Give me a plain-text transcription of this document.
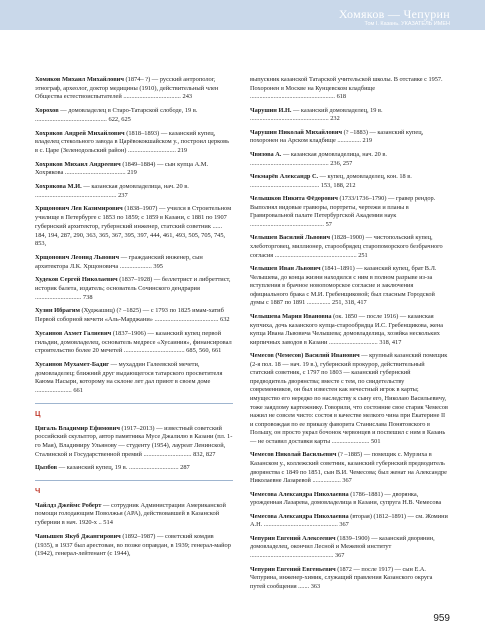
Хомяков — Чепурин
Том I. Казань. УКАЗАТЕЛЬ ИМЕН

Хомяков Михаил Михайлович (1874– ?) — русский антрополог, этнограф, археолог, доктор медицины (1910), действительный член Общества естествоиспытателей .................................... 243

Хорохов — домовладелец в Старо-Татарской слободе, 19 в. ............................................. 622, 625

Хохряков Андрей Михайлович (1818–1893) — казанский купец, владелец стекольного завода в Царёвококшайском у., построил церковь в с. Царе (Зеленодольский район) .............................. 219

Хохряков Михаил Андреевич (1849–1884) — сын купца А.М. Хохрякова ...................................... 219

Хохрякова М.И. — казанская домовладелица, нач. 20 в. ................................................... 237

Хрщонович Лев Казимирович (1838–1907) — учился в Строительном училище в Петербурге с 1853 по 1859; с 1859 в Казани, с 1881 по 1907 губернский архитектор, губернский инженер, статский советник ...... 184, 194, 287, 290, 363, 365, 367, 395, 397, 444, 461, 493, 505, 705, 745, 853,

Хрщонович Леонид Львович — гражданский инженер, сын архитектора Л.К. Хрщоновича .................... 395

Худеков Сергей Николаевич (1837–1928) — беллетрист и либреттист, историк балета, издатель; основатель Сочинского дендрария ............................. 738

Хузин Ибрагим (Худжашиц) (? –1825) — с 1793 по 1825 имам-хатиб Первой соборной мечети «Аль-Марджани» ........................................ 632

Хусаинов Ахмет Галиевич (1837–1906) — казанский купец первой гильдии, домовладелец, основатель медресе «Хусаиния», финансировал строительство более 20 мечетей ...................................... 685, 560, 661

Хусаинов Мухамет-Бадиг — мухаддин Галеевской мечети, домовладелец; ближний друг выдающегося татарского просветителя Каюма Насыри, которому на склоне лет дал приют в своем доме ....................... 661

Ц

Цигаль Владимир Ефимович (1917–2013) — известный советский российский скульптор, автор памятника Мусе Джалилю в Казани (пл. 1-го Мая), Владимиру Ульянову — студенту (1954), лауреат Ленинской, Сталинской и Государственной премий .............................. 832, 827

Цызбов — казанский купец, 19 в. ............................... 287

Ч

Чайлдз Джеймс Роберт — сотрудник Администрации Американской помощи голодающим Поволжья (АРА), действовавшей в Казанской губернии в нач. 1920-х .. 514

Чанышев Якуб Джангирович (1892–1987) — советский комдив (1935), в 1937 был арестован, во позже оправдан, в 1939; генерал-майор (1942), генерал-лейтенант (с 1944),

выпускник казанской Татарской учительской школы. В отставке с 1957. Похоронен в Москве на Кунцевском кладбище ...................................................... 618

Чарушин И.Н. — казанский домовладелец, 19 в. .................................................. 232

Чарушин Николай Михайлович (? –1883) — казанский купец, похоронен на Арском кладбище ............... 219

Чвизова А. — казанская домовладелица, нач. 20 в. .................................................. 236, 257

Чекмарёв Александр С. — купец, домовладелец, кон. 18 в. ............................................ 153, 188, 212

Челышков Никита Фёдорович (1733/1736–1790) — гравер рендор. Выполнял видовые гравюры, портреты, чертежи и планы в Гравировальной палате Петербургской Академии наук ............................................... 57

Челышев Василий Львович (1828–1900) — чистопольский купец, хлеботорговец, миллионер, старообрядец старопоморского безбрачного согласия .................................................... 251

Челышев Иван Львович (1841–1891) — казанский купец, брат В.Л. Челышева, до конца жизни находился с ним в полном разрыве из-за вступления в брачное новопоморское согласие и заключения официального брака с М.И. Гребенщиковой; был гласным Городской думы с 1887 по 1891 ............... 251, 318, 417

Челышева Мария Ивановна (ок. 1850 — после 1916) — казанская купчиха, дочь казанского купца-старообрядца И.С. Гребенщикова, жена купца Ивана Львовича Челышева; домовладелица, хозяйка нескольких кирпичных заводов в Казани ............................... 318, 417

Чемесов (Чемесов) Василий Иванович — крупный казанский помещик (2-я пол. 18 — нач. 19 в.), губернский прокурор, действительный статский советник, с 1797 по 1803 — казанский губернский предводитель дворянства; вместе с тем, по свидетельству современников, он был известен как нечестный игрок в карты; имущество его нередко по наследству к сыну его, Николаю Васильевичу, тоже заядлому картежнику. Говорили, что состояние свое старик Чемесов нажил не совсем чисто: состоя в качестве мелкого чина при Екатерине II и сопровождая по ее приказу фаворита Станислава Понятовского в Польшу, он просто украл бочонок червонцев и поспешил с ним в Казань — не оставил доставки карты ........................ 501

Чемесов Николай Васильевич (? –1885) — помещик с. Мурзиха в Казанском у., коллежский советник, казанский губернский предводитель дворянства с 1849 по 1851, сын В.И. Чемесова; был женат на Александре Николаевне Лазаревой .................. 367

Чемесова Александра Николаевна (1786–1881) — дворянка, урожденная Лазарева, домовладелица в Казани, супруга Н.В. Чемесова

Чемесова Александра Николаевна (вторая) (1812–1891) — см. Жомини А.Н. ............................................... 367

Чепурин Евгений Алексеевич (1839–1900) — казанский дворянин, домовладелец, окончил Лесной и Межевой институт ..................................................... 367

Чепурин Евгений Евгеньевич (1872 — после 1917) — сын Е.А. Чепурина, инженер-химик, служащий правления Казанского округа путей сообщения ....... 363

959
